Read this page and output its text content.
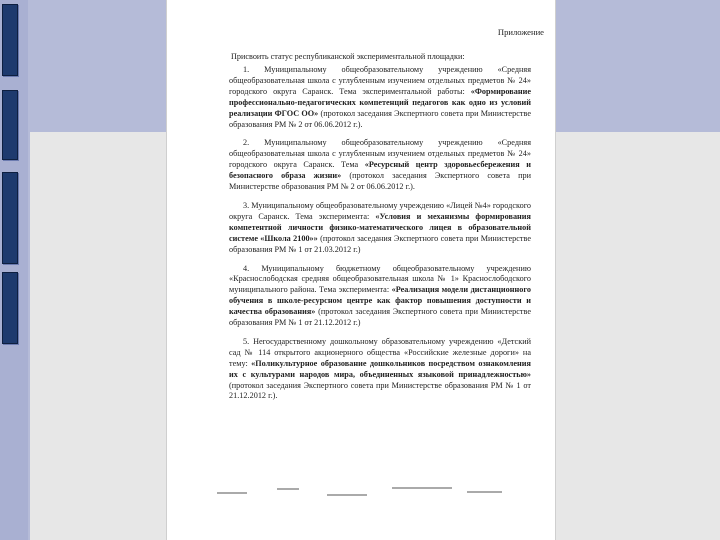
Приложение
Присвоить статус республиканской экспериментальной площадки:

1. Муниципальному общеобразовательному учреждению «Средняя общеобразовательная школа с углубленным изучением отдельных предметов № 24» городского округа Саранск. Тема экспериментальной работы: «Формирование профессионально-педагогических компетенций педагогов как одно из условий реализации ФГОС ОО» (протокол заседания Экспертного совета при Министерстве образования РМ № 2 от 06.06.2012 г.).

2. Муниципальному общеобразовательному учреждению «Средняя общеобразовательная школа с углубленным изучением отдельных предметов № 24» городского округа Саранск. Тема «Ресурсный центр здоровьесбережения и безопасного образа жизни» (протокол заседания Экспертного совета при Министерстве образования РМ № 2 от 06.06.2012 г.).

3. Муниципальному общеобразовательному учреждению «Лицей №4» городского округа Саранск. Тема эксперимента: «Условия и механизмы формирования компетентной личности физико-математического лицея в образовательной системе «Школа 2100»» (протокол заседания Экспертного совета при Министерстве образования РМ № 1 от 21.03.2012 г.)

4. Муниципальному бюджетному общеобразовательному учреждению «Краснослободская средняя общеобразовательная школа № 1» Краснослободского муниципального района. Тема эксперимента: «Реализация модели дистанционного обучения в школе-ресурсном центре как фактор повышения доступности и качества образования» (протокол заседания Экспертного совета при Министерстве образования РМ № 1 от 21.12.2012 г.)

5. Негосударственному дошкольному образовательному учреждению «Детский сад № 114 открытого акционерного общества «Российские железные дороги» на тему: «Поликультурное образование дошкольников посредством ознакомления их с культурами народов мира, объединенных языковой принадлежностью» (протокол заседания Экспертного совета при Министерстве образования РМ № 1 от 21.12.2012 г.).
